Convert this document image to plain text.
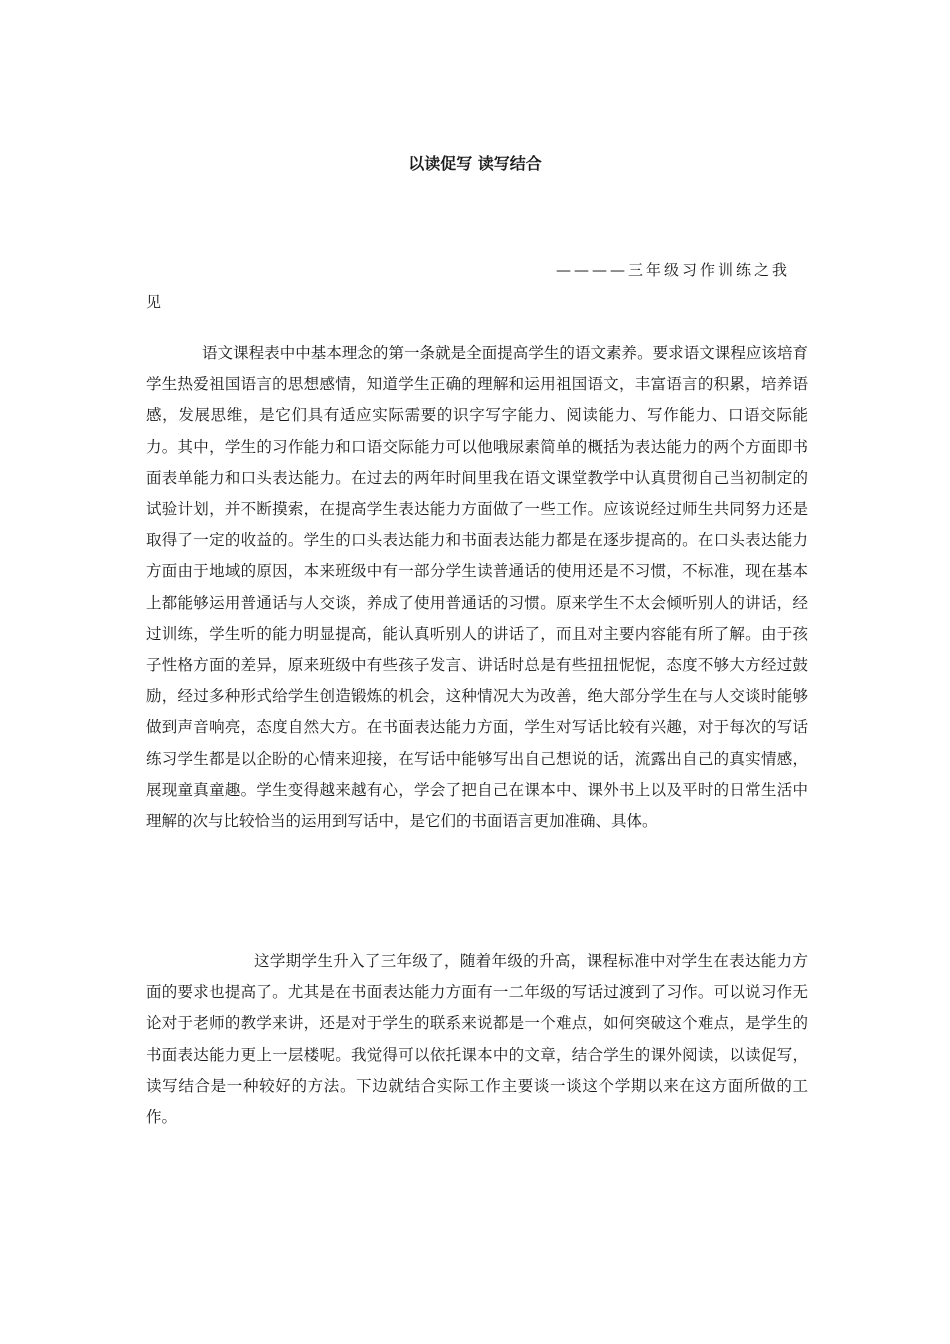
以读促写 读写结合
————三年级习作训练之我见

语文课程表中中基本理念的第一条就是全面提高学生的语文素养。要求语文课程应该培育学生热爱祖国语言的思想感情，知道学生正确的理解和运用祖国语文，丰富语言的积累，培养语感，发展思维，是它们具有适应实际需要的识字写字能力、阅读能力、写作能力、口语交际能力。其中，学生的习作能力和口语交际能力可以他哦尿素简单的概括为表达能力的两个方面即书面表单能力和口头表达能力。在过去的两年时间里我在语文课堂教学中认真贯彻自己当初制定的试验计划，并不断摸索，在提高学生表达能力方面做了一些工作。应该说经过师生共同努力还是取得了一定的收益的。学生的口头表达能力和书面表达能力都是在逐步提高的。在口头表达能力方面由于地域的原因，本来班级中有一部分学生读普通话的使用还是不习惯，不标准，现在基本上都能够运用普通话与人交谈，养成了使用普通话的习惯。原来学生不太会倾听别人的讲话，经过训练，学生听的能力明显提高，能认真听别人的讲话了，而且对主要内容能有所了解。由于孩子性格方面的差异，原来班级中有些孩子发言、讲话时总是有些扭扭怩怩，态度不够大方经过鼓励，经过多种形式给学生创造锻炼的机会，这种情况大为改善，绝大部分学生在与人交谈时能够做到声音响亮，态度自然大方。在书面表达能力方面，学生对写话比较有兴趣，对于每次的写话练习学生都是以企盼的心情来迎接，在写话中能够写出自己想说的话，流露出自己的真实情感，展现童真童趣。学生变得越来越有心，学会了把自己在课本中、课外书上以及平时的日常生活中理解的次与比较恰当的运用到写话中，是它们的书面语言更加准确、具体。

这学期学生升入了三年级了，随着年级的升高，课程标准中对学生在表达能力方面的要求也提高了。尤其是在书面表达能力方面有一二年级的写话过渡到了习作。可以说习作无论对于老师的教学来讲，还是对于学生的联系来说都是一个难点，如何突破这个难点，是学生的书面表达能力更上一层楼呢。我觉得可以依托课本中的文章，结合学生的课外阅读，以读促写，读写结合是一种较好的方法。下边就结合实际工作主要谈一谈这个学期以来在这方面所做的工作。
